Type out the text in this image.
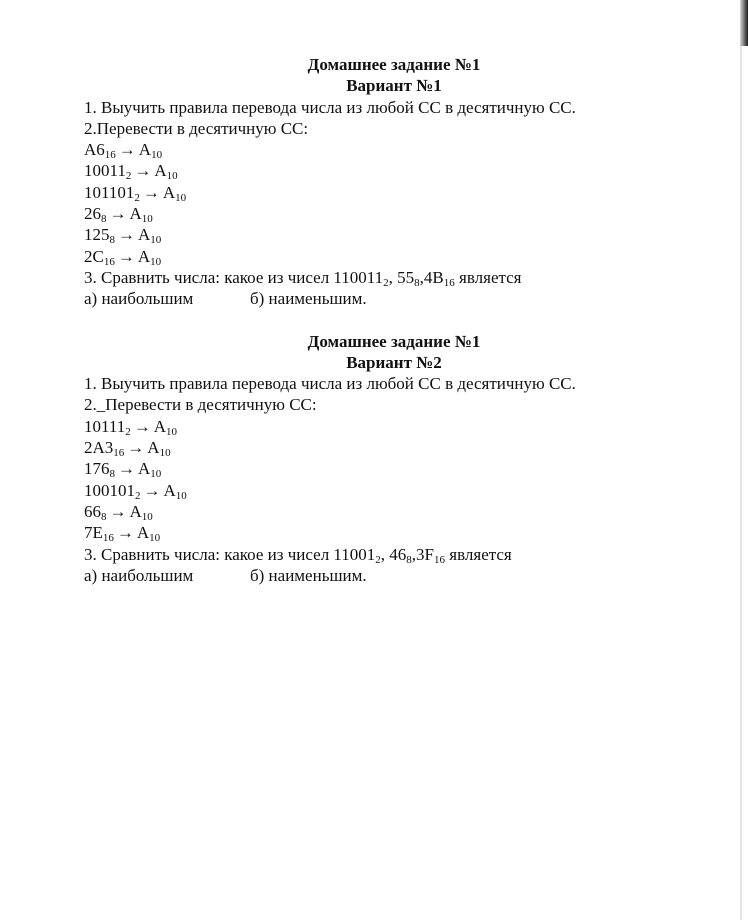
Домашнее задание №1
Вариант №1
1. Выучить правила перевода числа из любой СС в десятичную СС.
2.Перевести в десятичную СС:
$A6_{16} \to A_{10}$
$10011_2 \to A_{10}$
$101101_2 \to A_{10}$
$26_8 \to A_{10}$
$125_8 \to A_{10}$
$2C_{16} \to A_{10}$
3. Сравнить числа: какое из чисел $110011_2$, $55_8,4B_{16}$ является
а) наибольшим	б) наименьшим.
Домашнее задание №1
Вариант №2
1. Выучить правила перевода числа из любой СС в десятичную СС.
2._Перевести в десятичную СС:
$10111_2 \to A_{10}$
$2A3_{16} \to A_{10}$
$176_8 \to A_{10}$
$100101_2 \to A_{10}$
$66_8 \to A_{10}$
$7E_{16} \to A_{10}$
3. Сравнить числа: какое из чисел $11001_2$, $46_8,3F_{16}$ является
а) наибольшим	б) наименьшим.
